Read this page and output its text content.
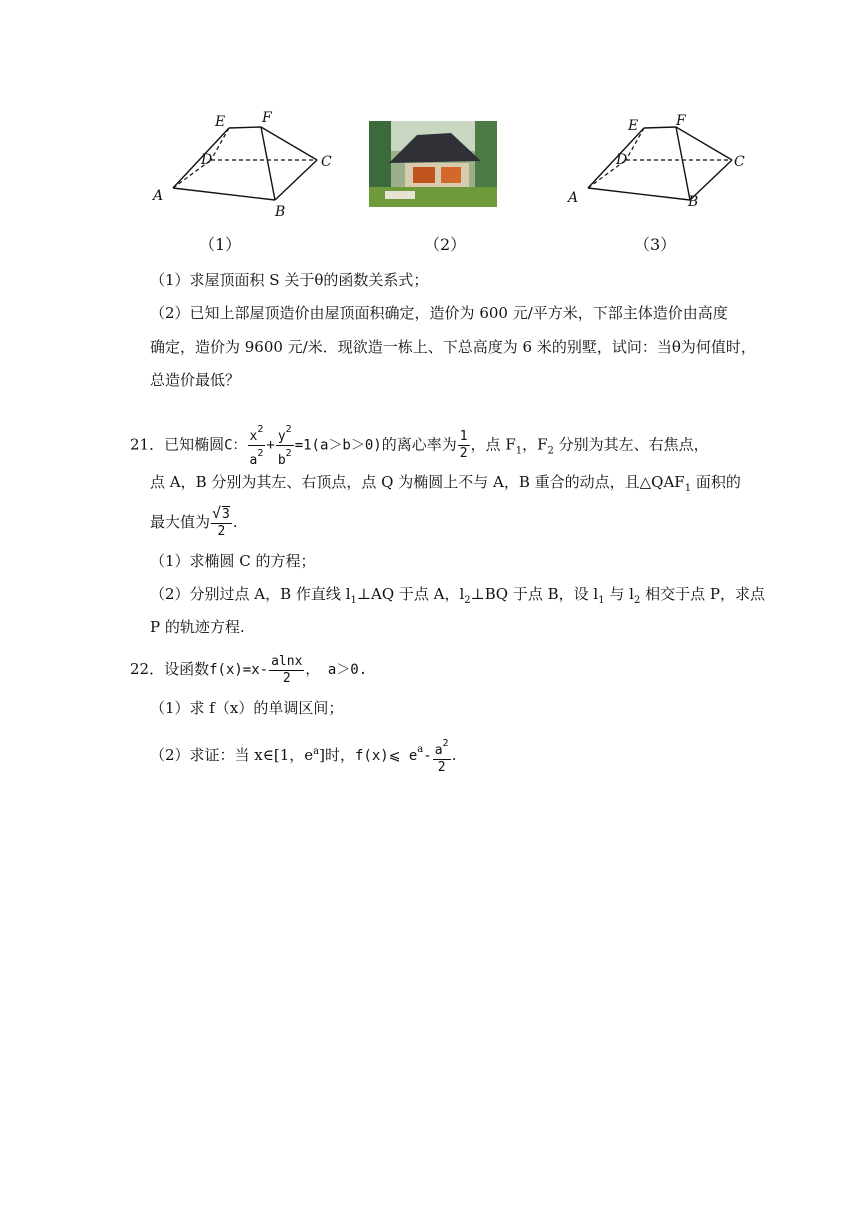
E	F
D	C
A
B
（1）	（2）
E	F
D	C
A	B
（3）
（1）求屋顶面积 S 关于θ的函数关系式；
（2）已知上部屋顶造价由屋顶面积确定，造价为 600 元/平方米，下部主体造价由高度
确定，造价为 9600 元/米．现欲造一栋上、下总高度为 6 米的别墅，试问：当θ为何值时，
总造价最低？
21．已知椭圆C： $\frac{x^2}{a^2} + \frac{y^2}{b^2} =1(a>b>0)$的离心率为 $\frac{1}{2}$ ，点 $F_1$，$F_2$ 分别为其左、右焦点，
点 A，B 分别为其左、右顶点，点 Q 为椭圆上不与 A，B 重合的动点，且$\triangle QAF_1$ 面积的
最大值为
√ $\frac{3}{2}$ .
（1）求椭圆 C 的方程；
（2）分别过点 A，B 作直线 $l_1\perp AQ$ 于点 A，$l_2\perp BQ$ 于点 B，设 $l_1$ 与 $l_2$ 相交于点 P，求点
P 的轨迹方程.
22．设函数$f(x)=x- \frac{alnx}{2}$ ， a＞0.
（1）求 f（x）的单调区间；
（2）求证：当 x∈[1，$e^a$]时，f(x)⩽ $e^a- \frac{a^2}{2}$ .
